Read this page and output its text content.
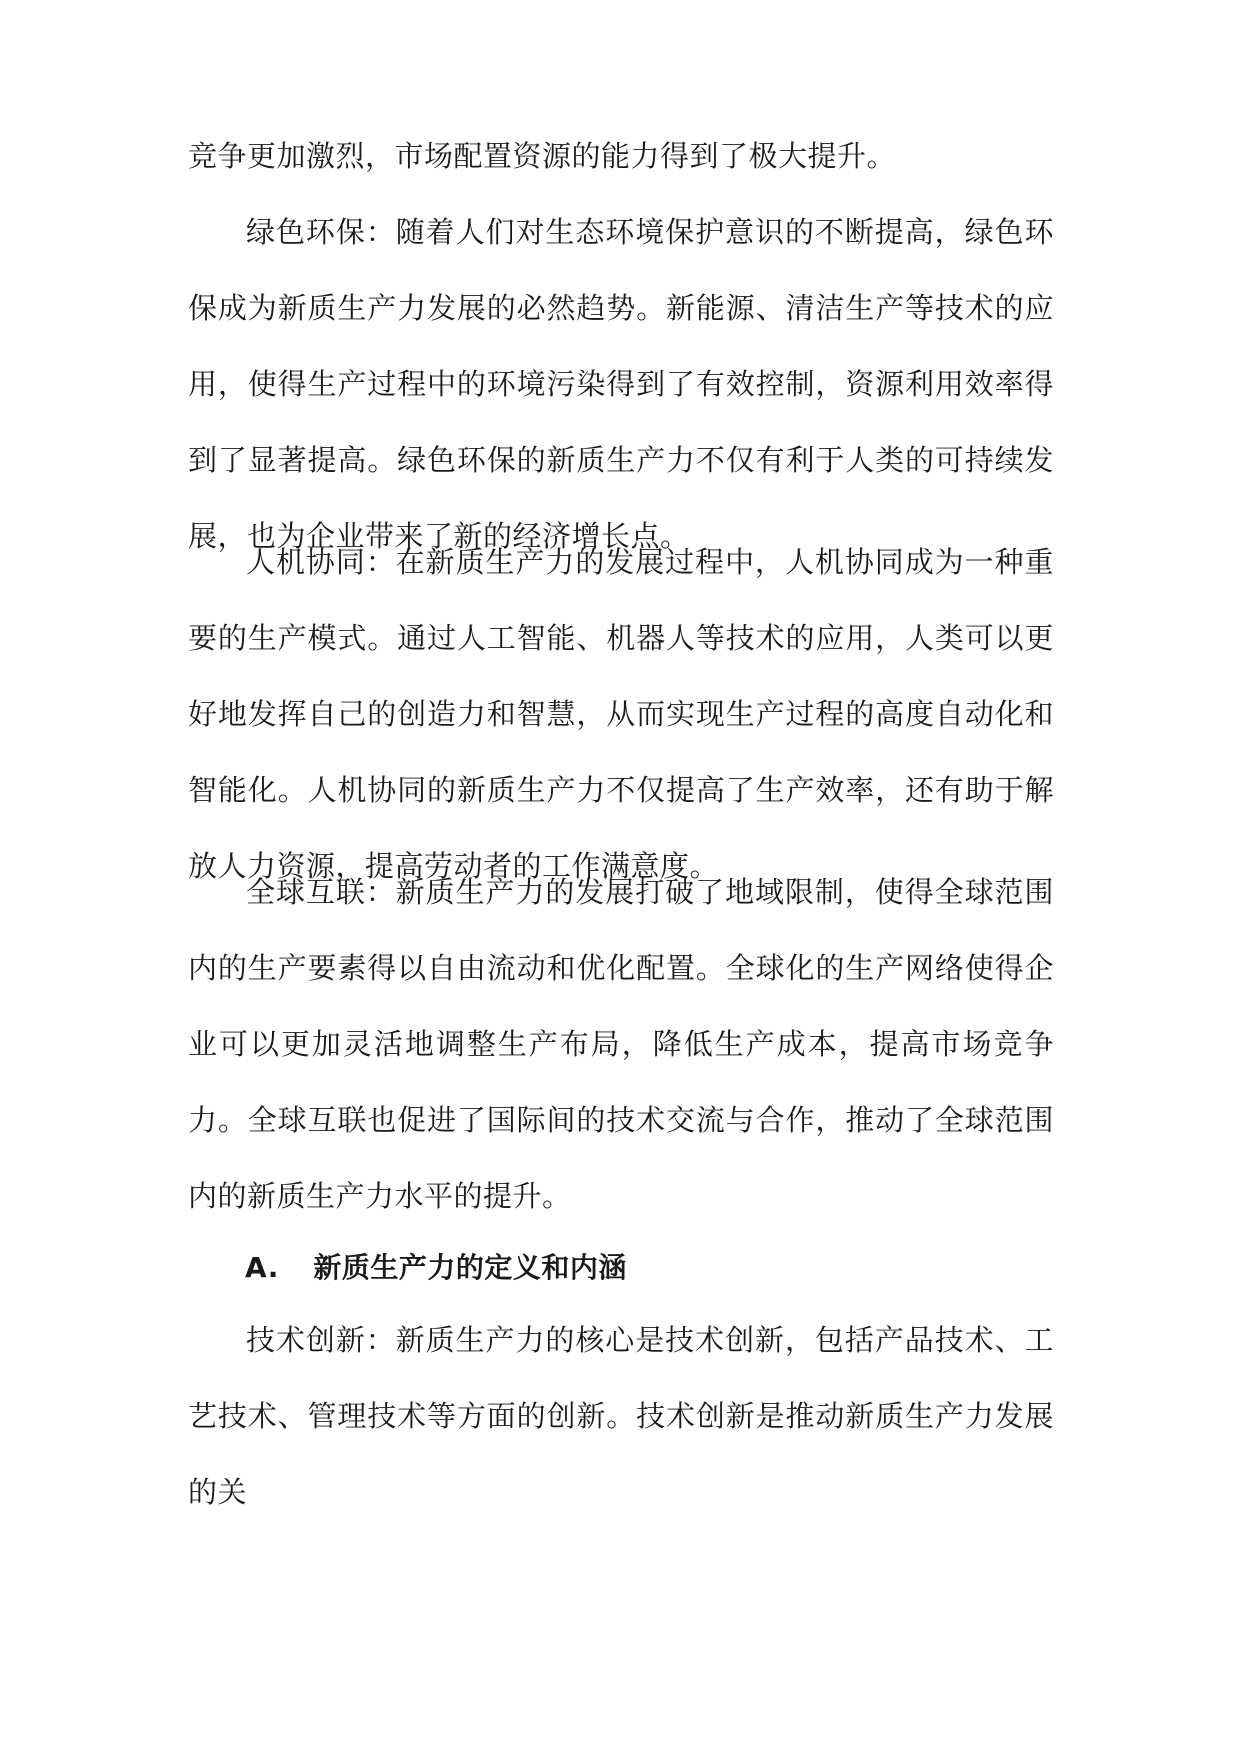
竞争更加激烈，市场配置资源的能力得到了极大提升。

绿色环保：随着人们对生态环境保护意识的不断提高，绿色环保成为新质生产力发展的必然趋势。新能源、清洁生产等技术的应用，使得生产过程中的环境污染得到了有效控制，资源利用效率得到了显著提高。绿色环保的新质生产力不仅有利于人类的可持续发展，也为企业带来了新的经济增长点。

人机协同：在新质生产力的发展过程中，人机协同成为一种重要的生产模式。通过人工智能、机器人等技术的应用，人类可以更好地发挥自己的创造力和智慧，从而实现生产过程的高度自动化和智能化。人机协同的新质生产力不仅提高了生产效率，还有助于解放人力资源，提高劳动者的工作满意度。

全球互联：新质生产力的发展打破了地域限制，使得全球范围内的生产要素得以自由流动和优化配置。全球化的生产网络使得企业可以更加灵活地调整生产布局，降低生产成本，提高市场竞争力。全球互联也促进了国际间的技术交流与合作，推动了全球范围内的新质生产力水平的提升。

A. 新质生产力的定义和内涵

技术创新：新质生产力的核心是技术创新，包括产品技术、工艺技术、管理技术等方面的创新。技术创新是推动新质生产力发展的关
